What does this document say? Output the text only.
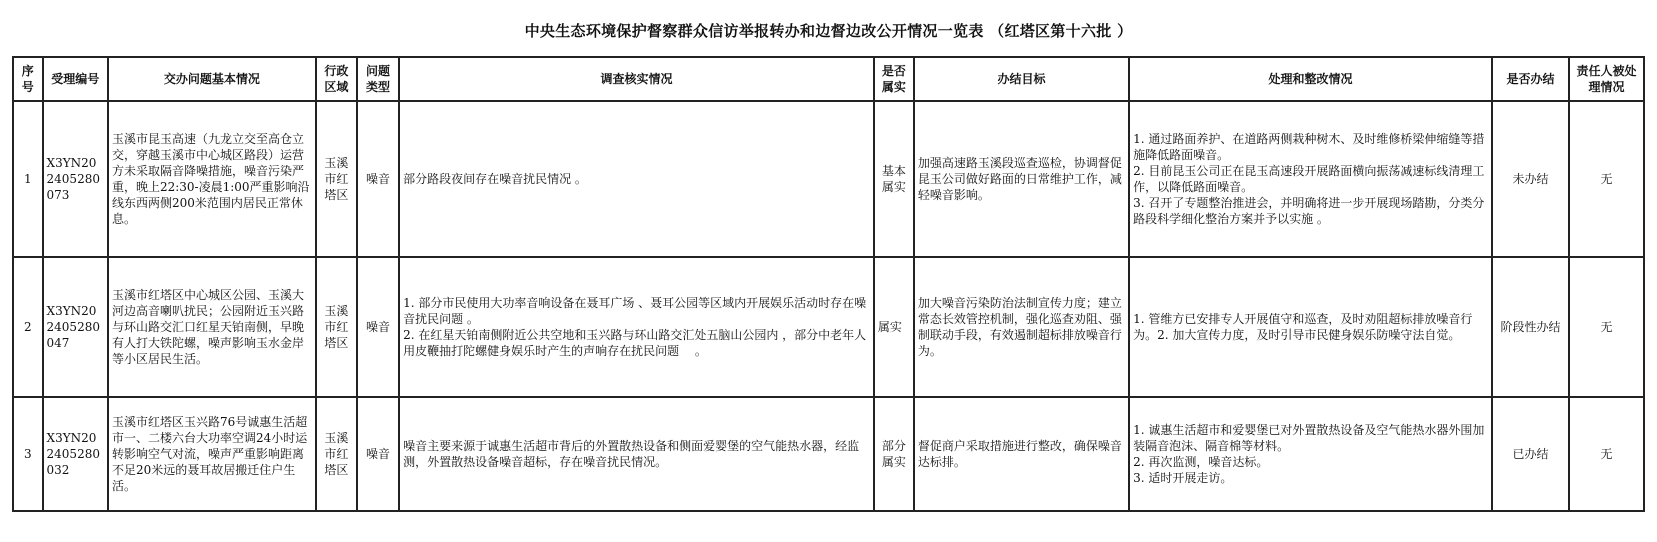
中央生态环境保护督察群众信访举报转办和边督边改公开情况一览表 （红塔区第十六批 ）
序号	受理编号	交办问题基本情况	行政区域	问题类型	调查核实情况	是否属实	办结目标	处理和整改情况	是否办结	责任人被处理情况
1	X3YN202405280073	玉溪市昆玉高速（九龙立交至高仓立交，穿越玉溪市中心城区路段）运营方未采取隔音降噪措施，噪音污染严重，晚上22:30-凌晨1:00严重影响沿线东西两侧200米范围内居民正常休息。	玉溪市红塔区	噪音	部分路段夜间存在噪音扰民情况 。	基本属实	加强高速路玉溪段巡查巡检，协调督促昆玉公司做好路面的日常维护工作，减轻噪音影响。	1. 通过路面养护、在道路两侧栽种树木、及时维修桥梁伸缩缝等措施降低路面噪音。
2. 目前昆玉公司正在昆玉高速段开展路面横向振荡减速标线清理工作，以降低路面噪音。
3. 召开了专题整治推进会，并明确将进一步开展现场踏勘，分类分路段科学细化整治方案并予以实施 。	未办结	无
2	X3YN202405280047	玉溪市红塔区中心城区公园、玉溪大河边高音喇叭扰民；公园附近玉兴路与环山路交汇口红星天铂南侧，早晚有人打大铁陀螺，噪声影响玉水金岸等小区居民生活。	玉溪市红塔区	噪音	1. 部分市民使用大功率音响设备在聂耳广场 、聂耳公园等区域内开展娱乐活动时存在噪音扰民问题 。
2. 在红星天铂南侧附近公共空地和玉兴路与环山路交汇处五脑山公园内 ，部分中老年人用皮鞭抽打陀螺健身娱乐时产生的声响存在扰民问题　 。	属实	加大噪音污染防治法制宣传力度；建立常态长效管控机制，强化巡查劝阻、强制联动手段，有效遏制超标排放噪音行为。	1. 管维方已安排专人开展值守和巡查，及时劝阻超标排放噪音行为。2. 加大宣传力度，及时引导市民健身娱乐防噪守法自觉。	阶段性办结	无
3	X3YN202405280032	玉溪市红塔区玉兴路76号诚惠生活超市一、二楼六台大功率空调24小时运转影响空气对流，噪声严重影响距离不足20米远的聂耳故居搬迁住户生活。	玉溪市红塔区	噪音	噪音主要来源于诚惠生活超市背后的外置散热设备和侧面爱婴堡的空气能热水器，经监测，外置散热设备噪音超标，存在噪音扰民情况。	部分属实	督促商户采取措施进行整改，确保噪音达标排。	1. 诚惠生活超市和爱婴堡已对外置散热设备及空气能热水器外围加装隔音泡沫、隔音棉等材料。
2. 再次监测，噪音达标。
3. 适时开展走访。	已办结	无
